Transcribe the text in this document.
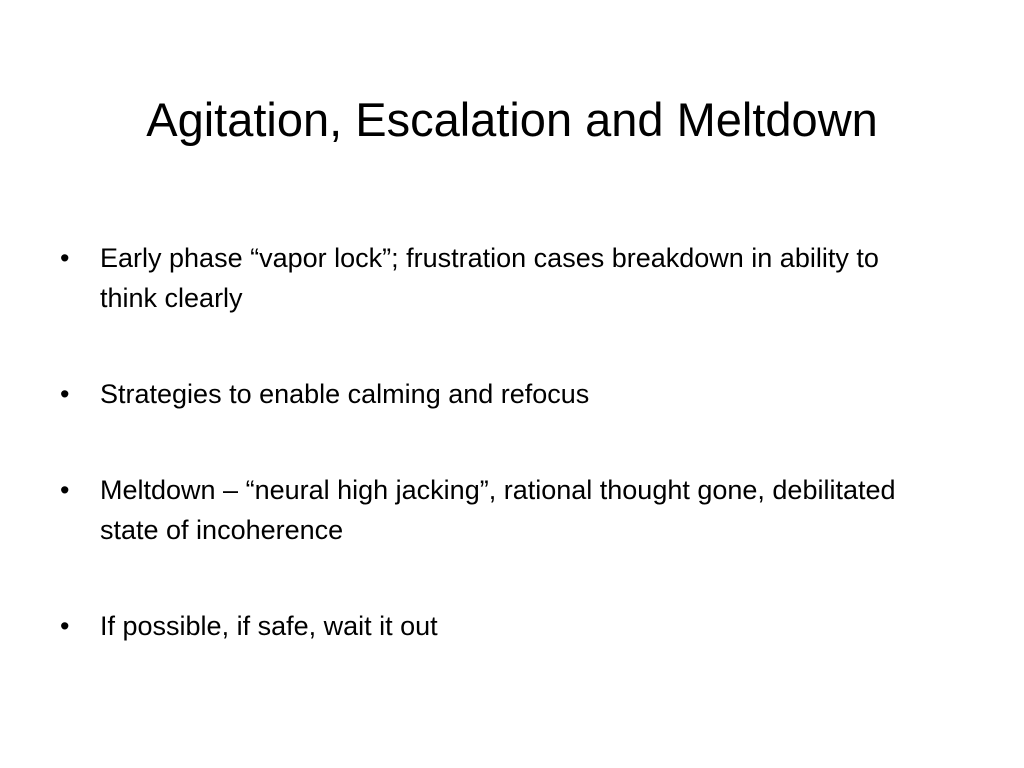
Agitation, Escalation and Meltdown
• Early phase “vapor lock”; frustration cases breakdown in ability to think clearly
• Strategies to enable calming and refocus
• Meltdown – “neural high jacking”, rational thought gone, debilitated state of incoherence
• If possible, if safe, wait it out
